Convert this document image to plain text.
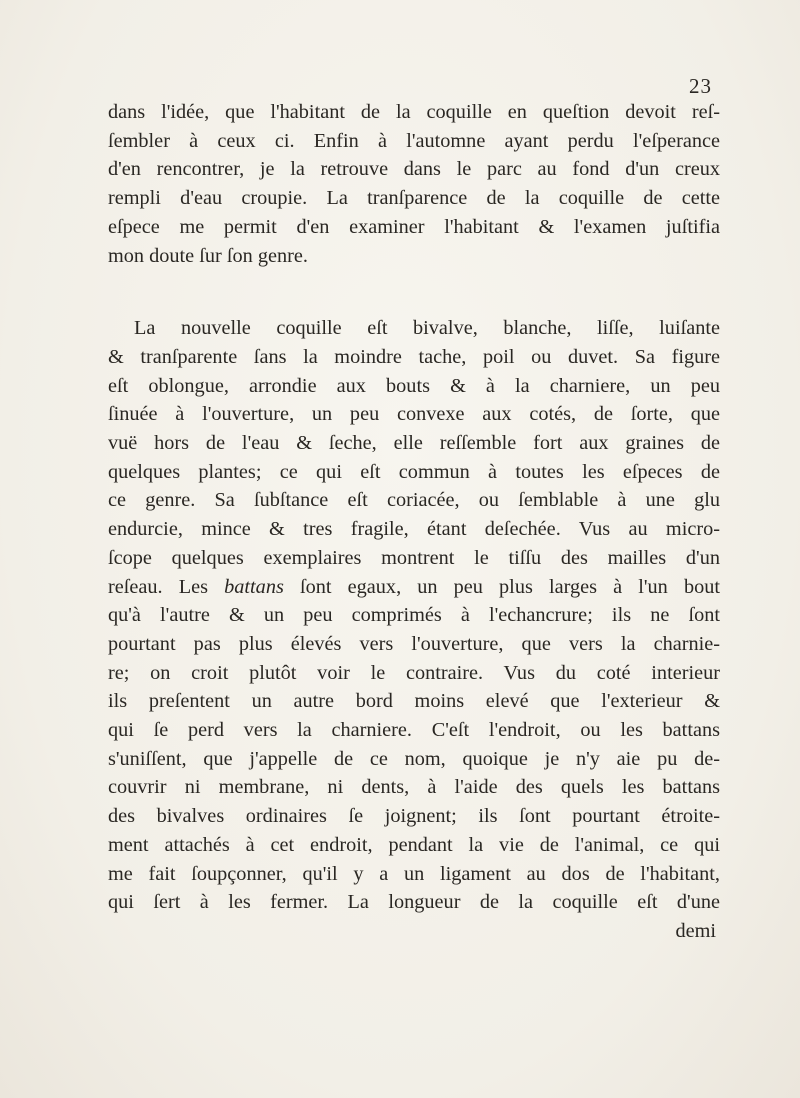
23
dans l'idée, que l'habitant de la coquille en queſtion devoit reſ-
ſembler à ceux ci. Enfin à l'automne ayant perdu l'eſperance
d'en rencontrer, je la retrouve dans le parc au fond d'un creux
rempli d'eau croupie. La tranſparence de la coquille de cette
eſpece me permit d'en examiner l'habitant & l'examen juſtifia
mon doute ſur ſon genre.
La nouvelle coquille eſt bivalve, blanche, liſſe, luiſante
& tranſparente ſans la moindre tache, poil ou duvet. Sa figure
eſt oblongue, arrondie aux bouts & à la charniere, un peu
ſinuée à l'ouverture, un peu convexe aux cotés, de ſorte, que
vuë hors de l'eau & ſeche, elle reſſemble fort aux graines de
quelques plantes; ce qui eſt commun à toutes les eſpeces de
ce genre. Sa ſubſtance eſt coriacée, ou ſemblable à une glu
endurcie, mince & tres fragile, étant deſechée. Vus au micro-
ſcope quelques exemplaires montrent le tiſſu des mailles d'un
reſeau. Les battans ſont egaux, un peu plus larges à l'un bout
qu'à l'autre & un peu comprimés à l'echancrure; ils ne ſont
pourtant pas plus élevés vers l'ouverture, que vers la charnie-
re; on croit plutôt voir le contraire. Vus du coté interieur
ils preſentent un autre bord moins elevé que l'exterieur &
qui ſe perd vers la charniere. C'eſt l'endroit, ou les battans
s'uniſſent, que j'appelle de ce nom, quoique je n'y aie pu de-
couvrir ni membrane, ni dents, à l'aide des quels les battans
des bivalves ordinaires ſe joignent; ils ſont pourtant étroite-
ment attachés à cet endroit, pendant la vie de l'animal, ce qui
me fait ſoupçonner, qu'il y a un ligament au dos de l'habitant,
qui ſert à les fermer. La longueur de la coquille eſt d'une
demi
